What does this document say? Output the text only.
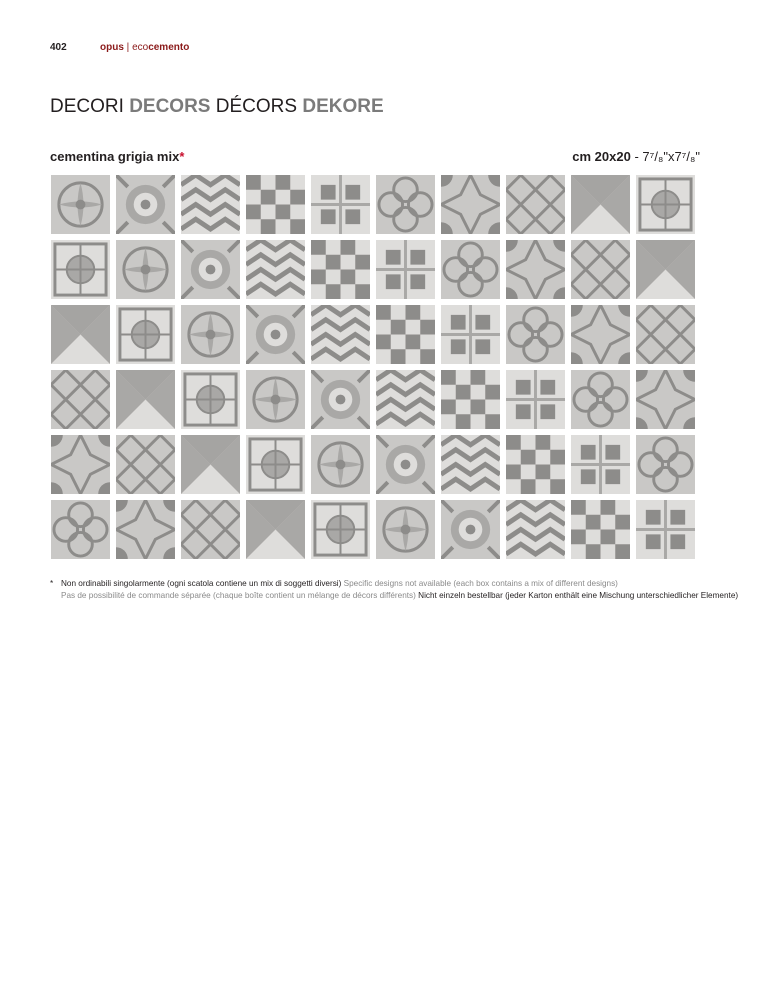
402	opus | ecocemento
DECORI DECORS DÉCORS DEKORE
cementina grigia mix*	cm 20x20 - 7⁷/₈"x7⁷/₈"
* Non ordinabili singolarmente (ogni scatola contiene un mix di soggetti diversi) Specific designs not available (each box contains a mix of different designs)
Pas de possibilité de commande séparée (chaque boîte contient un mélange de décors différents) Nicht einzeln bestellbar (jeder Karton enthält eine Mischung unterschiedlicher Elemente)
